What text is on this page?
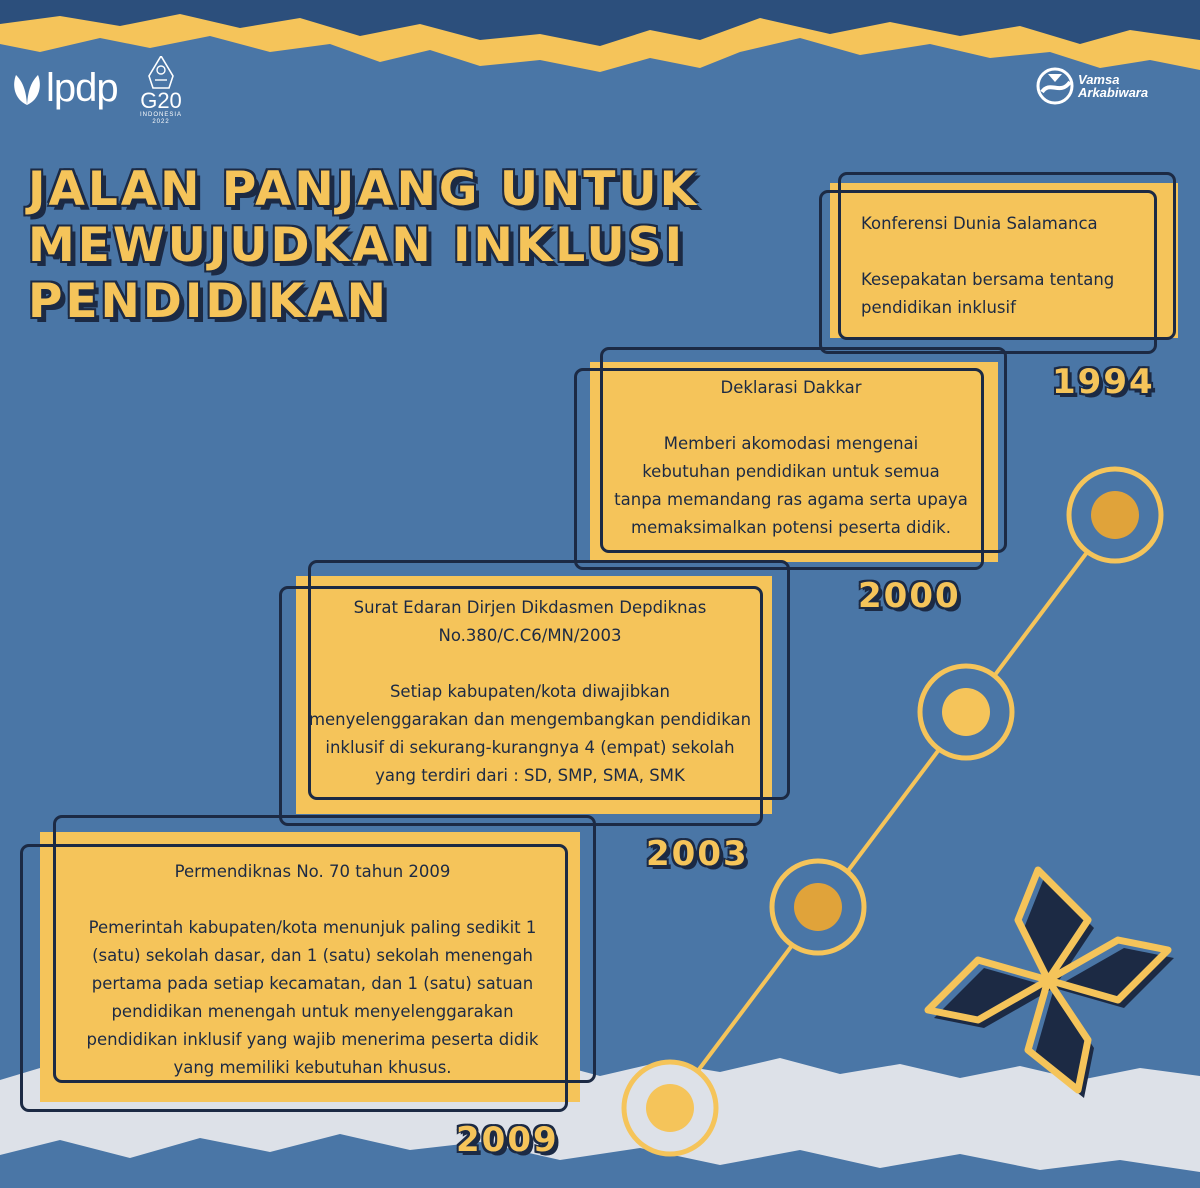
lpdp G20
INDONESIA
2022
Vamsa
Arkabiwara
JALAN PANJANG UNTUK
MEWUJUDKAN INKLUSI
PENDIDIKAN

Konferensi Dunia Salamanca

Kesepakatan bersama tentang

pendidikan inklusif

1994

Deklarasi Dakkar

Memberi akomodasi mengenai

kebutuhan pendidikan untuk semua

tanpa memandang ras agama serta upaya

memaksimalkan potensi peserta didik.

2000

Surat Edaran Dirjen Dikdasmen Depdiknas

No.380/C.C6/MN/2003

Setiap kabupaten/kota diwajibkan

menyelenggarakan dan mengembangkan pendidikan

inklusif di sekurang-kurangnya 4 (empat) sekolah

yang terdiri dari : SD, SMP, SMA, SMK

2003

Permendiknas No. 70 tahun 2009

Pemerintah kabupaten/kota menunjuk paling sedikit 1

(satu) sekolah dasar, dan 1 (satu) sekolah menengah

pertama pada setiap kecamatan, dan 1 (satu) satuan

pendidikan menengah untuk menyelenggarakan

pendidikan inklusif yang wajib menerima peserta didik

yang memiliki kebutuhan khusus.

2009
